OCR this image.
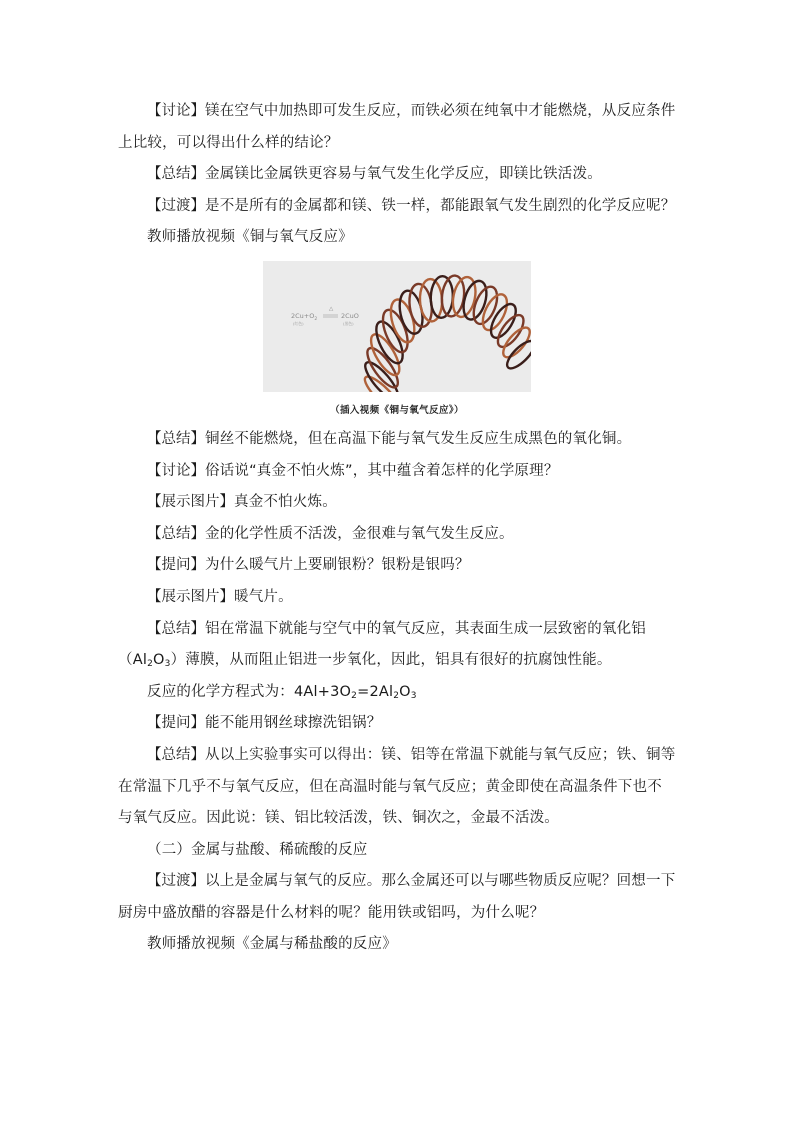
【讨论】镁在空气中加热即可发生反应，而铁必须在纯氧中才能燃烧，从反应条件上比较，可以得出什么样的结论？

【总结】金属镁比金属铁更容易与氧气发生化学反应，即镁比铁活泼。

【过渡】是不是所有的金属都和镁、铁一样，都能跟氧气发生剧烈的化学反应呢？

教师播放视频《铜与氧气反应》

$2Cu+O_2$
△
2CuO
(红色)	(黑色)
（插入视频《铜与氧气反应》）

【总结】铜丝不能燃烧，但在高温下能与氧气发生反应生成黑色的氧化铜。

【讨论】俗话说“真金不怕火炼”，其中蕴含着怎样的化学原理？

【展示图片】真金不怕火炼。

【总结】金的化学性质不活泼，金很难与氧气发生反应。

【提问】为什么暖气片上要刷银粉？银粉是银吗？

【展示图片】暖气片。

【总结】铝在常温下就能与空气中的氧气反应，其表面生成一层致密的氧化铝$(Al_2O_3)$薄膜，从而阻止铝进一步氧化，因此，铝具有很好的抗腐蚀性能。

反应的化学方程式为：$4Al+3O_2=2Al_2O_3$

【提问】能不能用钢丝球擦洗铝锅？

【总结】从以上实验事实可以得出：镁、铝等在常温下就能与氧气反应；铁、铜等在常温下几乎不与氧气反应，但在高温时能与氧气反应；黄金即使在高温条件下也不与氧气反应。因此说：镁、铝比较活泼，铁、铜次之，金最不活泼。

（二）金属与盐酸、稀硫酸的反应

【过渡】以上是金属与氧气的反应。那么金属还可以与哪些物质反应呢？回想一下厨房中盛放醋的容器是什么材料的呢？能用铁或铝吗，为什么呢？

教师播放视频《金属与稀盐酸的反应》
